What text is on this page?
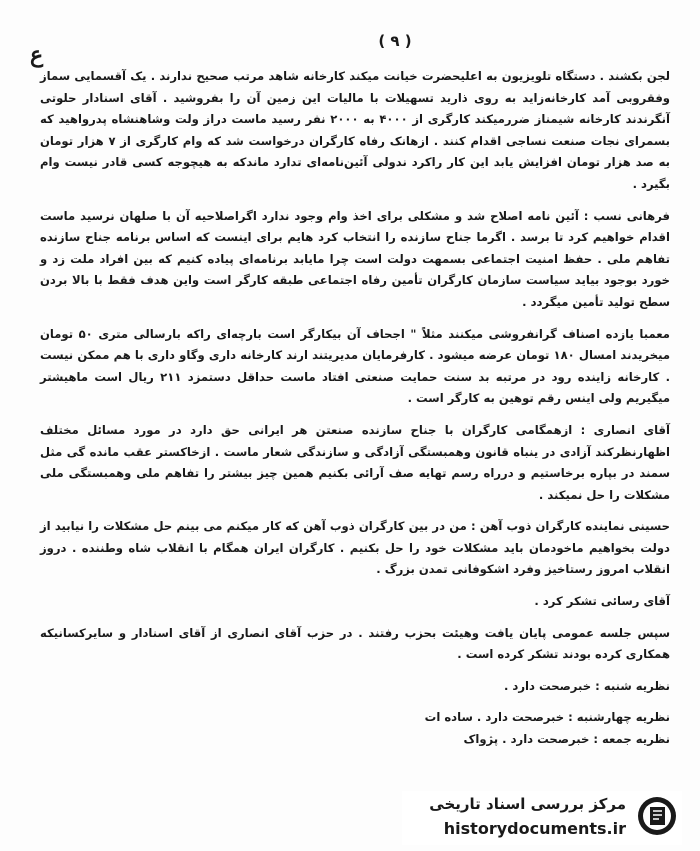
( ۹ )
ﻉ

لجن بکشند . دستگاه تلویزیون به اعلیحضرت خیانت میکند کارخانه شاهد مرتب صحیح ندارند . یک آقسمایی سماز وفقروبی آمد کارخانه‌زاید به روی ذارید تسهیلات با مالیات این زمین آن را بفروشید . آقای اسنادار حلوتی آنگرندند کارخانه شیمناز ضررمیکند کارگری از ۴۰۰۰ به ۲۰۰۰ نفر رسید ماست دراز ولت وشاهنشاه پدرواهید که بسمرای نجات صنعت نساجی اقدام کنند . ازهانک رفاه کارگران درخواست شد که وام کارگری از ۷ هزار تومان به صد هزار تومان افزایش یابد این کار راکرد ندولی آئین‌نامه‌ای تدارد ماندکه به هیچوجه کسی قادر نیست وام بگیرد .

فرهانی نسب : آئین نامه اصلاح شد و مشکلی برای اخذ وام وجود ندارد اگراصلاحیه آن با صلهان نرسید ماست اقدام خواهیم کرد تا برسد . اگرما جناح سازنده را انتخاب کرد هایم برای اینست که اساس برنامه جناح سازنده تفاهم ملی . حفظ امنیت اجتماعی بسمهت دولت است چرا مایابد برنامه‌ای پیاده کنیم که بین افراد ملت زد و خورد بوجود بیاید سیاست سازمان کارگران تأمین رفاه اجتماعی طبقه کارگر است واین هدف فقط با بالا بردن سطح تولید تأمین میگردد .

معمبا یازده اصناف گرانفروشی میکنند مثلاً " اجحاف آن بیکارگر است بارچه‌ای راکه بارسالی متری ۵۰ تومان میخریدند امسال ۱۸۰ تومان عرضه میشود . کارفرمایان مدیریتند ارند کارخانه داری وگاو داری با هم ممکن نیست . کارخانه زاینده رود در مرتبه بد سنت حمایت صنعتی افتاد ماست حداقل دستمزد ۲۱۱ ریال است ماهیشتر میگیریم ولی اینس رقم توهین به کارگر است .

آقای انصاری : ازهمگامی کارگران با جناح سازنده صنعتن هر ایرانی حق دارد در مورد مسائل مختلف اظهارنظرکند آزادی در ینباه قانون وهمبستگی آزادگی و سازندگی شعار ماست . ازخاکستر عقب مانده گی مثل سمند در بپاره برخاستیم و درراه رسم تهایه صف آرائی بکنیم همین چیز بیشتر را تفاهم ملی وهمبستگی ملی مشکلات را حل نمیکند .

حسینی نماینده کارگران ذوب آهن : من در بین کارگران ذوب آهن که کار میکنم می بینم حل مشکلات را نیابید از دولت بخواهیم ماخودمان باید مشکلات خود را حل بکنیم . کارگران ایران همگام با انقلاب شاه وطننده . دروز انقلاب امروز رستاخیز وفرد اشکوفانی تمدن بزرگ .

آقای رسائی تشکر کرد .

سپس جلسه عمومی پایان یافت وهیئت بحزب رفتند . در حزب آقای انصاری از آقای اسنادار و سایرکسانیکه همکاری کرده بودند تشکر کرده است .

نظریه شنبه : خبرصحت دارد .

نظریه چهارشنبه : خبرصحت دارد . ساده ات

نظریه جمعه : خبرصحت دارد . پژواک

مرکز بررسی اسناد تاریخی
historydocuments.ir
